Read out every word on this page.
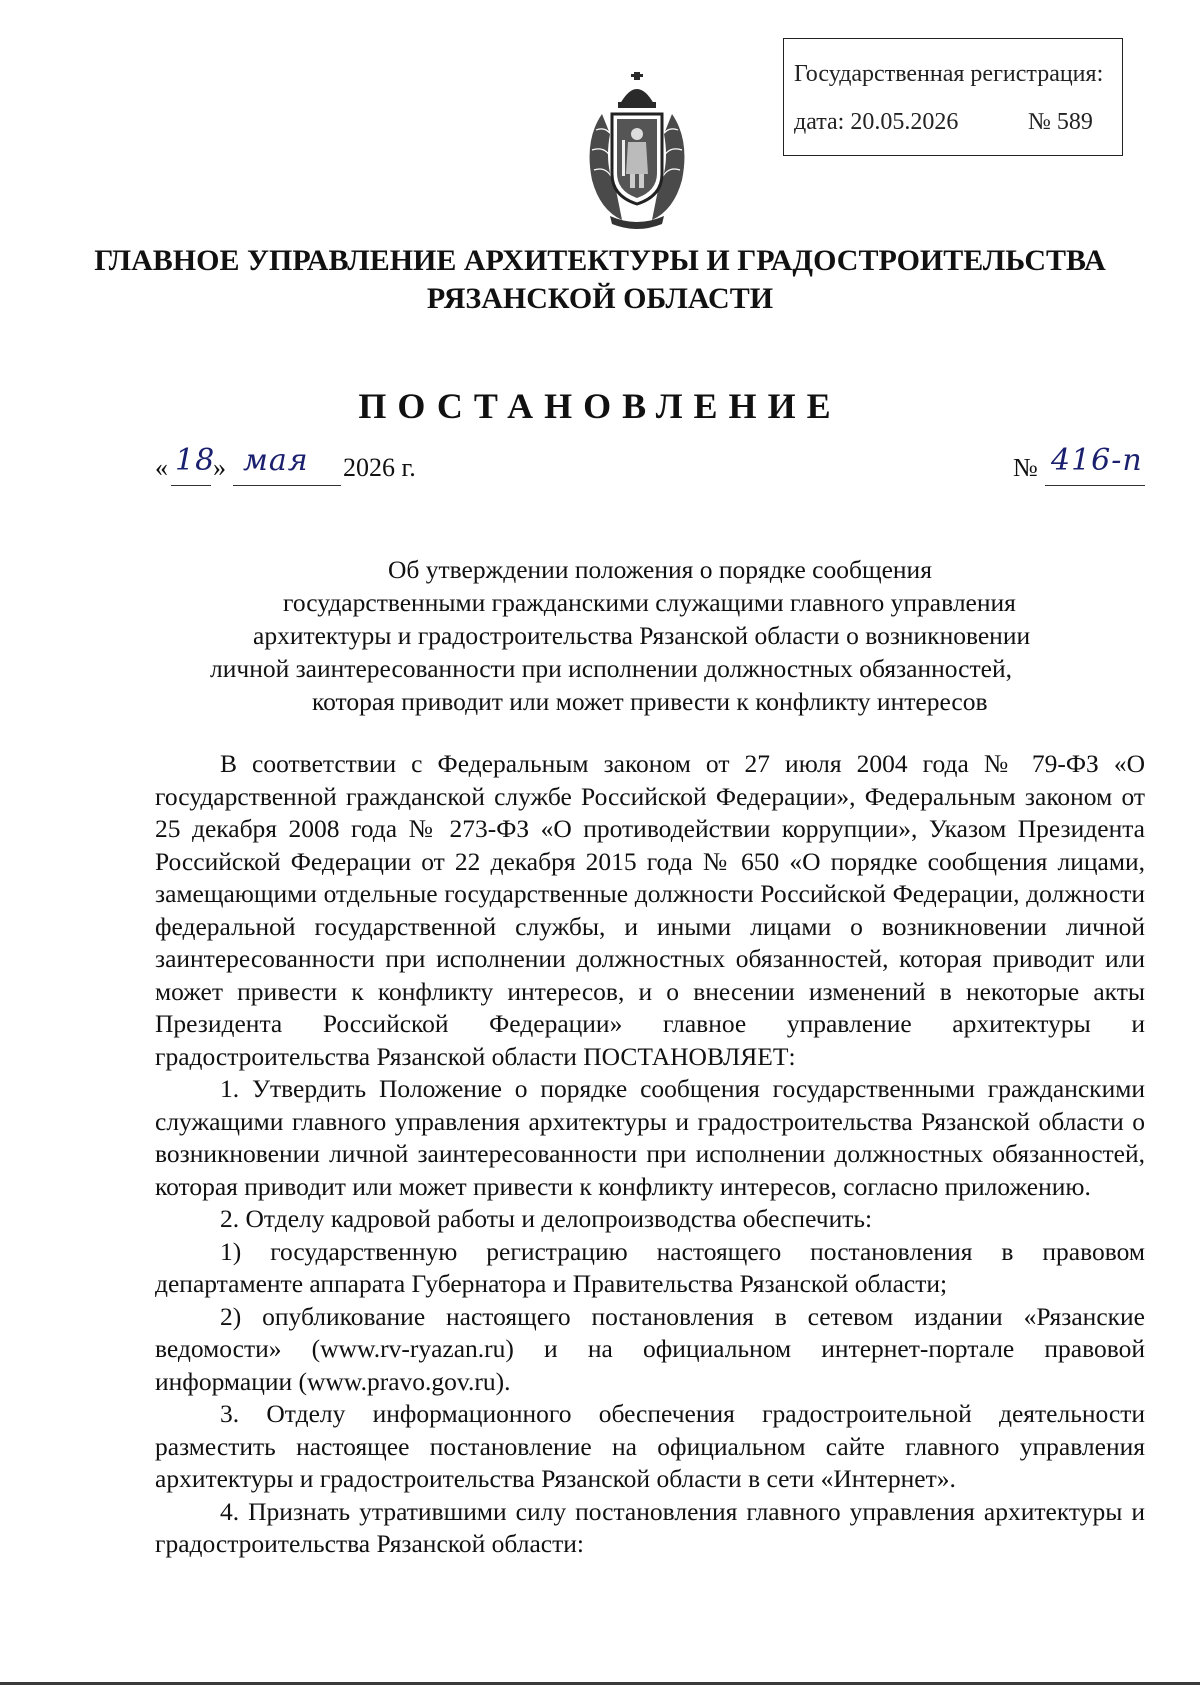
Государственная регистрация:
дата: 20.05.2026	№ 589
ГЛАВНОЕ УПРАВЛЕНИЕ АРХИТЕКТУРЫ И ГРАДОСТРОИТЕЛЬСТВА
РЯЗАНСКОЙ ОБЛАСТИ
ПОСТАНОВЛЕНИЕ
« 18
» мая 2026 г.	№ 416-п
Об утверждении положения о порядке сообщения
государственными гражданскими служащими главного управления
архитектуры и градостроительства Рязанской области о возникновении
личной заинтересованности при исполнении должностных обязанностей,
которая приводит или может привести к конфликту интересов

В соответствии с Федеральным законом от 27 июля 2004 года № 79-ФЗ «О государственной гражданской службе Российской Федерации», Федеральным законом от 25 декабря 2008 года № 273-ФЗ «О противодействии коррупции», Указом Президента Российской Федерации от 22 декабря 2015 года № 650 «О порядке сообщения лицами, замещающими отдельные государственные должности Российской Федерации, должности федеральной государственной службы, и иными лицами о возникновении личной заинтересованности при исполнении должностных обязанностей, которая приводит или может привести к конфликту интересов, и о внесении изменений в некоторые акты Президента Российской Федерации» главное управление архитектуры и градостроительства Рязанской области ПОСТАНОВЛЯЕТ:

1. Утвердить Положение о порядке сообщения государственными гражданскими служащими главного управления архитектуры и градостроительства Рязанской области о возникновении личной заинтересованности при исполнении должностных обязанностей, которая приводит или может привести к конфликту интересов, согласно приложению.

2. Отделу кадровой работы и делопроизводства обеспечить:

1) государственную регистрацию настоящего постановления в правовом департаменте аппарата Губернатора и Правительства Рязанской области;

2) опубликование настоящего постановления в сетевом издании «Рязанские ведомости» (www.rv-ryazan.ru) и на официальном интернет-портале правовой информации (www.pravo.gov.ru).

3. Отделу информационного обеспечения градостроительной деятельности разместить настоящее постановление на официальном сайте главного управления архитектуры и градостроительства Рязанской области в сети «Интернет».

4. Признать утратившими силу постановления главного управления архитектуры и градостроительства Рязанской области:
